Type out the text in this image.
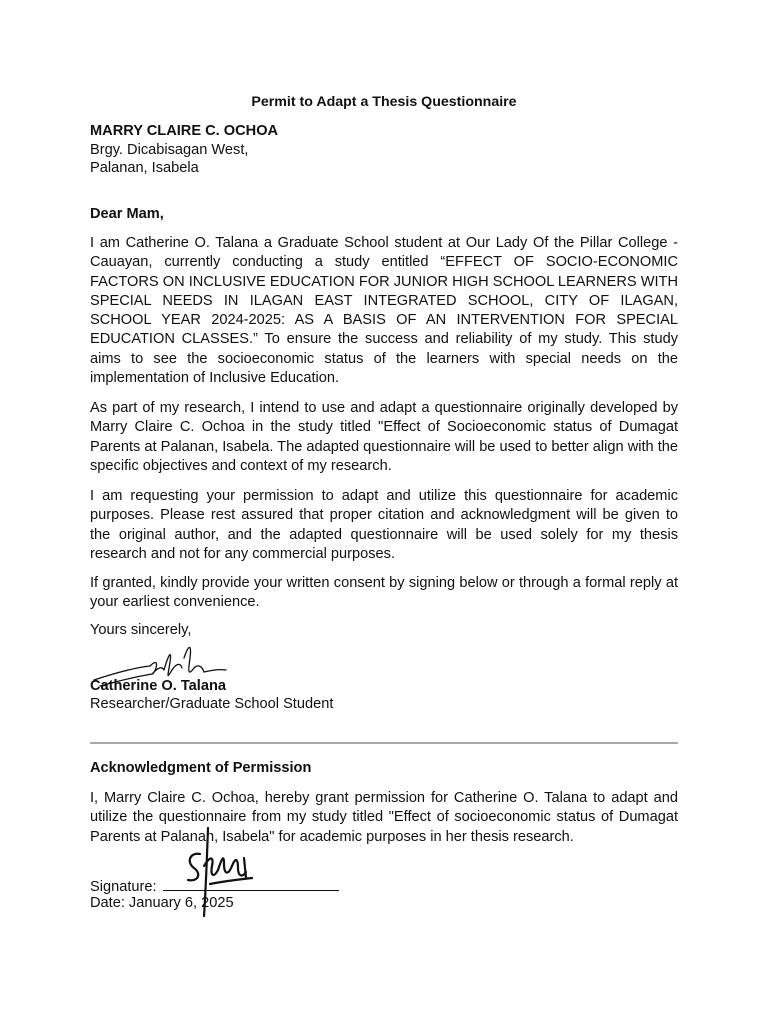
Permit to Adapt a Thesis Questionnaire
MARRY CLAIRE C. OCHOA
Brgy. Dicabisagan West,
Palanan, Isabela
Dear Mam,

I am Catherine O. Talana a Graduate School student at Our Lady Of the Pillar College - Cauayan, currently conducting a study entitled “EFFECT OF SOCIO-ECONOMIC FACTORS ON INCLUSIVE EDUCATION FOR JUNIOR HIGH SCHOOL LEARNERS WITH SPECIAL NEEDS IN ILAGAN EAST INTEGRATED SCHOOL, CITY OF ILAGAN, SCHOOL YEAR 2024-2025: AS A BASIS OF AN INTERVENTION FOR SPECIAL EDUCATION CLASSES.” To ensure the success and reliability of my study. This study aims to see the socioeconomic status of the learners with special needs on the implementation of Inclusive Education.

As part of my research, I intend to use and adapt a questionnaire originally developed by Marry Claire C. Ochoa in the study titled "Effect of Socioeconomic status of Dumagat Parents at Palanan, Isabela. The adapted questionnaire will be used to better align with the specific objectives and context of my research.

I am requesting your permission to adapt and utilize this questionnaire for academic purposes. Please rest assured that proper citation and acknowledgment will be given to the original author, and the adapted questionnaire will be used solely for my thesis research and not for any commercial purposes.

If granted, kindly provide your written consent by signing below or through a formal reply at your earliest convenience.

Yours sincerely,
Catherine O. Talana
Researcher/Graduate School Student
Acknowledgment of Permission

I, Marry Claire C. Ochoa, hereby grant permission for Catherine O. Talana to adapt and utilize the questionnaire from my study titled "Effect of socioeconomic status of Dumagat Parents at Palanan, Isabela" for academic purposes in her thesis research.

Signature:
Date: January 6, 2025
